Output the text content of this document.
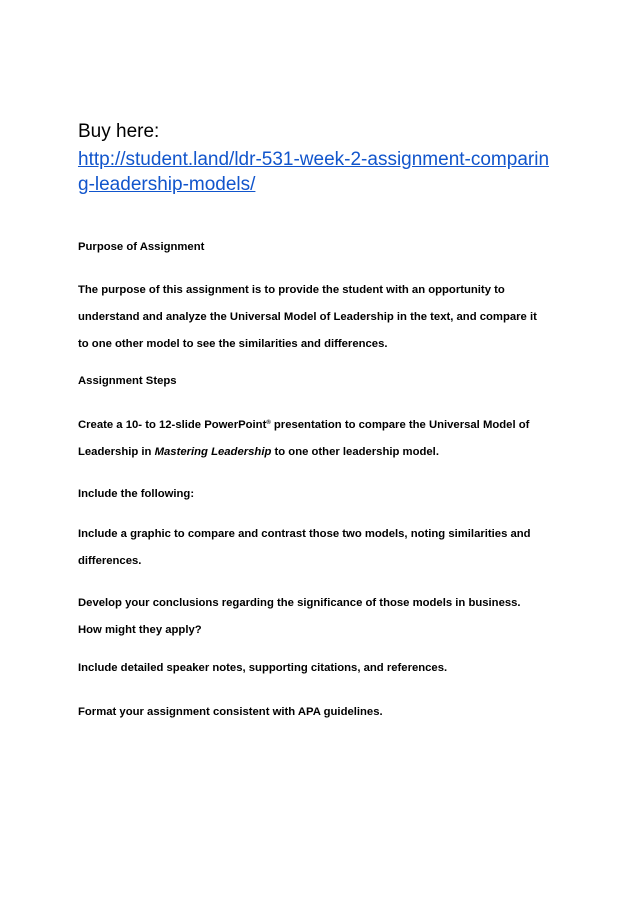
Buy here:
http://student.land/ldr-531-week-2-assignment-comparin
g-leadership-models/
Purpose of Assignment
The purpose of this assignment is to provide the student with an opportunity to
understand and analyze the Universal Model of Leadership in the text, and compare it
to one other model to see the similarities and differences.
Assignment Steps
Create a 10- to 12-slide PowerPoint® presentation to compare the Universal Model of
Leadership in Mastering Leadership to one other leadership model.
Include the following:
Include a graphic to compare and contrast those two models, noting similarities and
differences.
Develop your conclusions regarding the significance of those models in business.
How might they apply?
Include detailed speaker notes, supporting citations, and references.
Format your assignment consistent with APA guidelines.
